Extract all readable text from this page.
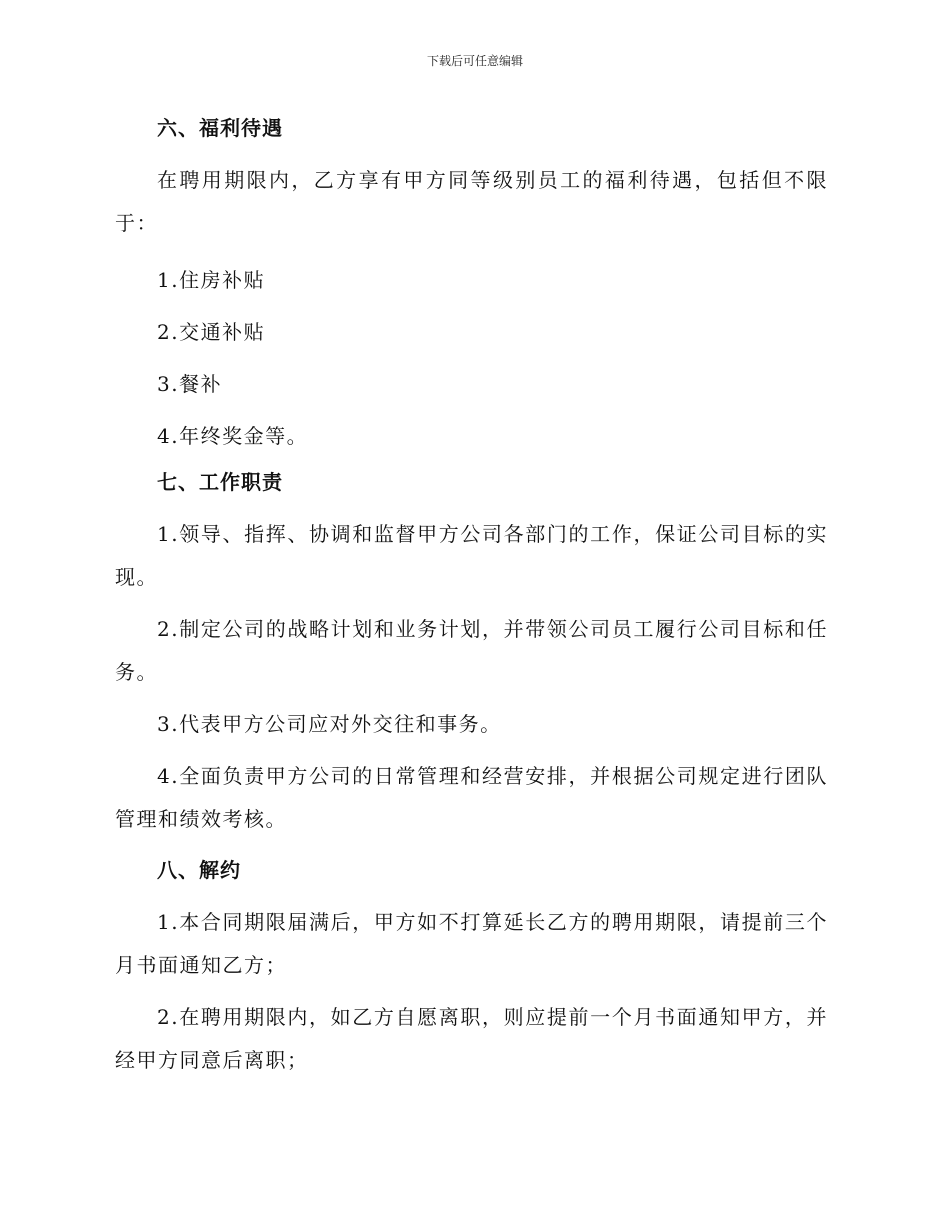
下载后可任意编辑
六、福利待遇

在聘用期限内，乙方享有甲方同等级别员工的福利待遇，包括但不限于：

1.住房补贴

2.交通补贴

3.餐补

4.年终奖金等。

七、工作职责

1.领导、指挥、协调和监督甲方公司各部门的工作，保证公司目标的实现。

2.制定公司的战略计划和业务计划，并带领公司员工履行公司目标和任务。

3.代表甲方公司应对外交往和事务。

4.全面负责甲方公司的日常管理和经营安排，并根据公司规定进行团队管理和绩效考核。

八、解约

1.本合同期限届满后，甲方如不打算延长乙方的聘用期限，请提前三个月书面通知乙方；

2.在聘用期限内，如乙方自愿离职，则应提前一个月书面通知甲方，并经甲方同意后离职；
